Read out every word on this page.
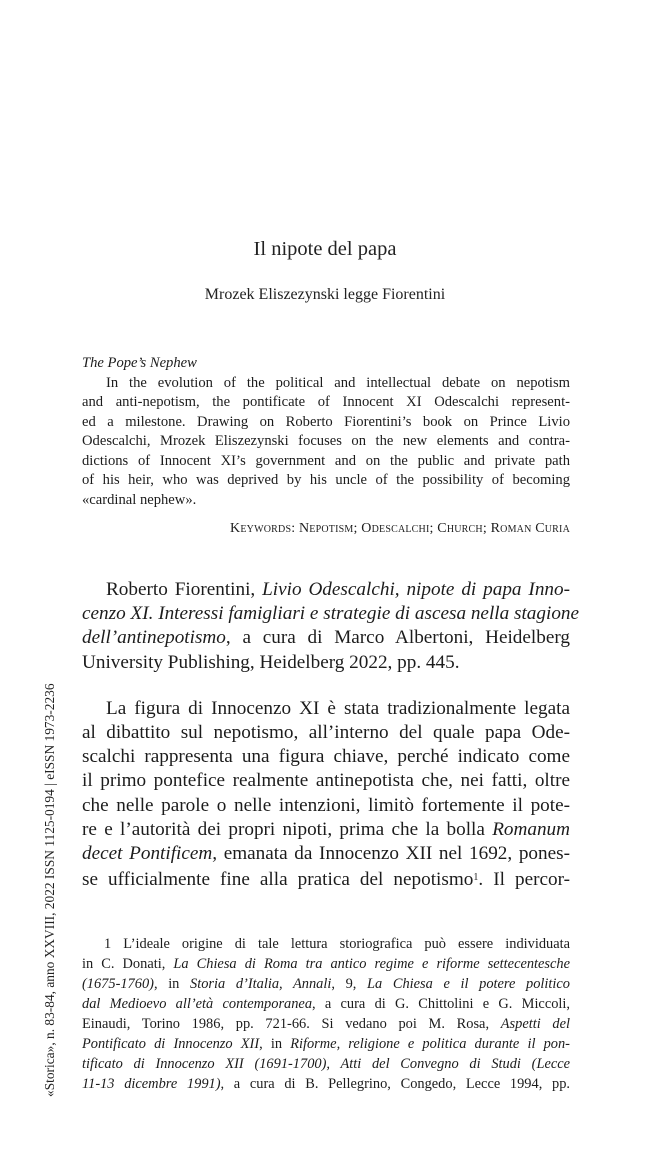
Il nipote del papa
Mrozek Eliszezynski legge Fiorentini
The Pope’s Nephew
In the evolution of the political and intellectual debate on nepotism
and anti-nepotism, the pontificate of Innocent XI Odescalchi represent-
ed a milestone. Drawing on Roberto Fiorentini’s book on Prince Livio
Odescalchi, Mrozek Eliszezynski focuses on the new elements and contra-
dictions of Innocent XI’s government and on the public and private path
of his heir, who was deprived by his uncle of the possibility of becoming
«cardinal nephew».
Keywords: Nepotism; Odescalchi; Church; Roman Curia
Roberto Fiorentini, Livio Odescalchi, nipote di papa Inno-
cenzo XI. Interessi famigliari e strategie di ascesa nella stagione
dell’antinepotismo, a cura di Marco Albertoni, Heidelberg
University Publishing, Heidelberg 2022, pp. 445.
La figura di Innocenzo XI è stata tradizionalmente legata
al dibattito sul nepotismo, all’interno del quale papa Ode-
scalchi rappresenta una figura chiave, perché indicato come
il primo pontefice realmente antinepotista che, nei fatti, oltre
che nelle parole o nelle intenzioni, limitò fortemente il pote-
re e l’autorità dei propri nipoti, prima che la bolla Romanum
decet Pontificem, emanata da Innocenzo XII nel 1692, pones-
se ufficialmente fine alla pratica del nepotismo$^1$. Il percor-
1 L’ideale origine di tale lettura storiografica può essere individuata
in C. Donati, La Chiesa di Roma tra antico regime e riforme settecentesche
(1675-1760), in Storia d’Italia, Annali, 9, La Chiesa e il potere politico
dal Medioevo all’età contemporanea, a cura di G. Chittolini e G. Miccoli,
Einaudi, Torino 1986, pp. 721-66. Si vedano poi M. Rosa, Aspetti del
Pontificato di Innocenzo XII, in Riforme, religione e politica durante il pon-
tificato di Innocenzo XII (1691-1700), Atti del Convegno di Studi (Lecce
11-13 dicembre 1991), a cura di B. Pellegrino, Congedo, Lecce 1994, pp.
«Storica», n. 83-84, anno XXVIII, 2022 ISSN 1125-0194 | eISSN 1973-2236
